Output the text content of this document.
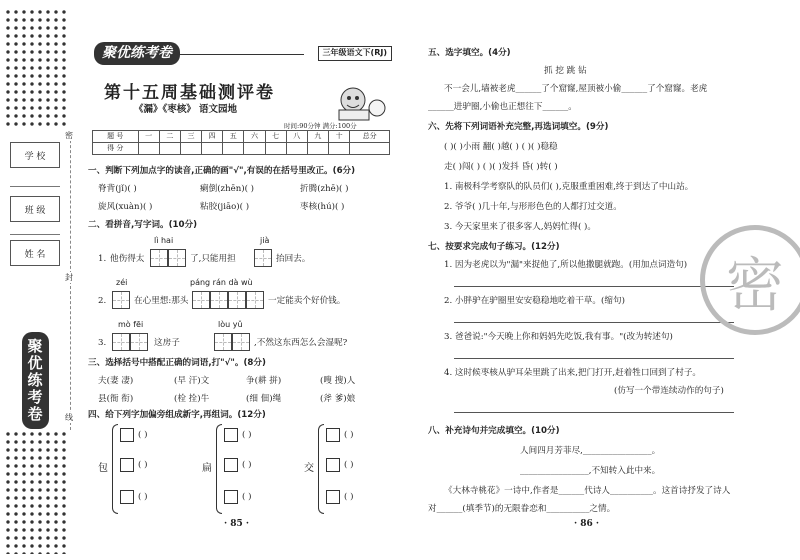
学 校
班 级
姓 名
聚优练考卷
密
封
线
聚优练考卷	三年级语文下(RJ)
第十五周基础测评卷
《漏》《枣核》 语文园地
时间:90分钟 满分:100分
题 号	一	二	三	四	五	六	七	八	九	十	总分
得 分											
一、判断下列加点字的读音,正确的画"√",有误的在括号里改正。(6分)
脊背(jǐ)( )	瘌倒(zhēn)( )	折腾(zhē)( )
旋风(xuàn)( )	粘胶(jiāo)( )	枣核(hú)( )
二、看拼音,写字词。(10分)
lì hai	jià
1. 他伤得太	了,只能用担	抬回去。
zéi	páng rán dà wù
2.	在心里想:那头	一定能卖个好价钱。
mò fēi	lòu yǔ
3.	这房子	,不然这东西怎么会湿呢?
三、选择括号中搭配正确的词语,打"√"。(8分)
夫(妻 凄)	(早 汗)文	争(耕 拼)	(嗖 搜)人
县(衙 衔)	(栓 拴)牛	(细 佃)绳	(斧 爹)娘
四、给下列字加偏旁组成新字,再组词。(12分)
包
( )
( )
( )
扁
( )
( )
( )
交
( )
( )
( )
· 85 ·
五、选字填空。(4分)
抓 挖 跳 钻
不一会儿,墙被老虎______了个窟窿,屋顶被小偷______了个窟窿。老虎
______进驴圈,小偷也正想往下______。
六、先将下列词语补充完整,再选词填空。(9分)
( )( )小雨 翻( )越( ) ( )( )稳稳
走( )闯( ) ( )( )发抖 昏( )转( )
1. 南极科学考察队的队员们( ),克服重重困难,终于到达了中山站。
2. 爷爷( )几十年,与形形色色的人都打过交道。
3. 今天家里来了很多客人,妈妈忙得( )。
七、按要求完成句子练习。(12分)
1. 因为老虎以为"漏"来捉他了,所以他撒腿就跑。(用加点词造句)
2. 小胖驴在驴圈里安安稳稳地吃着干草。(缩句)
3. 爸爸说:"今天晚上你和妈妈先吃饭,我有事。"(改为转述句)
4. 这时候枣核从驴耳朵里跳了出来,把门打开,赶着牲口回到了村子。
(仿写一个带连续动作的句子)
八、补充诗句并完成填空。(10分)
人间四月芳菲尽,________________。
________________,不知转入此中来。
《大林寺桃花》一诗中,作者是______代诗人__________。这首诗抒发了诗人
对______(填季节)的无限眷恋和__________之情。
· 86 ·
密
